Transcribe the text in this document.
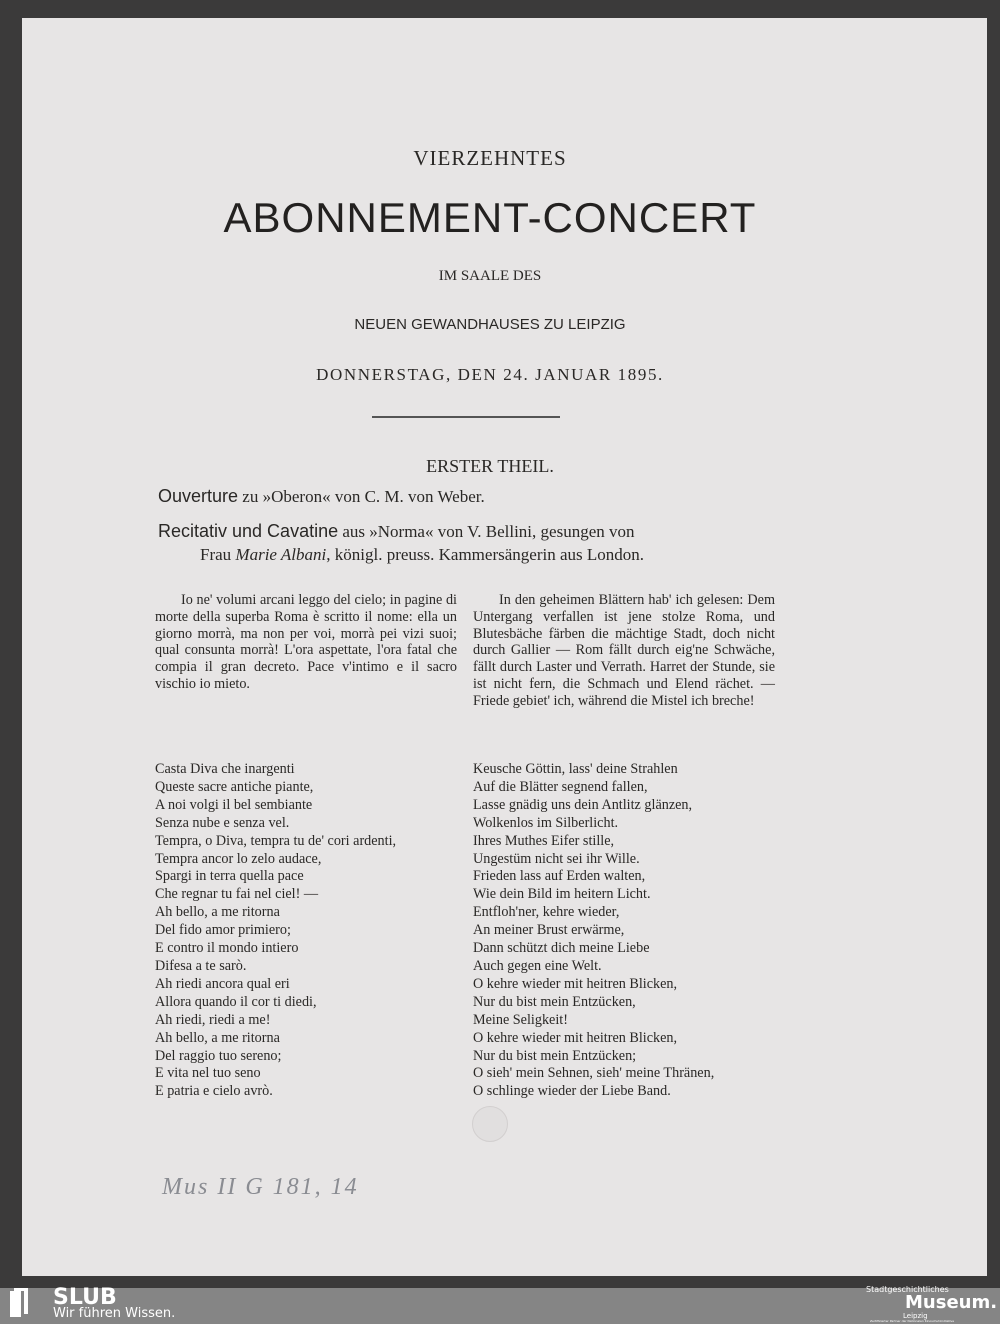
VIERZEHNTES
ABONNEMENT-CONCERT
IM SAALE DES
NEUEN GEWANDHAUSES ZU LEIPZIG
DONNERSTAG, DEN 24. JANUAR 1895.
ERSTER THEIL.
Ouverture zu »Oberon« von C. M. von Weber.
Recitativ und Cavatine aus »Norma« von V. Bellini, gesungen von
Frau Marie Albani, königl. preuss. Kammersängerin aus London.

Io ne' volumi arcani leggo del cielo; in pagine di morte della superba Roma è scritto il nome: ella un giorno morrà, ma non per voi, morrà pei vizi suoi; qual consunta morrà! L'ora aspettate, l'ora fatal che compia il gran decreto. Pace v'intimo e il sacro vischio io mieto.

In den geheimen Blättern hab' ich gelesen: Dem Untergang verfallen ist jene stolze Roma, und Blutesbäche färben die mächtige Stadt, doch nicht durch Gallier — Rom fällt durch eig'ne Schwäche, fällt durch Laster und Verrath. Harret der Stunde, sie ist nicht fern, die Schmach und Elend rächet. — Friede gebiet' ich, während die Mistel ich breche!

Casta Diva che inargenti
Queste sacre antiche piante,
A noi volgi il bel sembiante
Senza nube e senza vel.
Tempra, o Diva, tempra tu de' cori ardenti,
Tempra ancor lo zelo audace,
Spargi in terra quella pace
Che regnar tu fai nel ciel! —
Ah bello, a me ritorna
Del fido amor primiero;
E contro il mondo intiero
Difesa a te sarò.
Ah riedi ancora qual eri
Allora quando il cor ti diedi,
Ah riedi, riedi a me!
Ah bello, a me ritorna
Del raggio tuo sereno;
E vita nel tuo seno
E patria e cielo avrò.
Keusche Göttin, lass' deine Strahlen
Auf die Blätter segnend fallen,
Lasse gnädig uns dein Antlitz glänzen,
Wolkenlos im Silberlicht.
Ihres Muthes Eifer stille,
Ungestüm nicht sei ihr Wille.
Frieden lass auf Erden walten,
Wie dein Bild im heitern Licht.
Entfloh'ner, kehre wieder,
An meiner Brust erwärme,
Dann schützt dich meine Liebe
Auch gegen eine Welt.
O kehre wieder mit heitren Blicken,
Nur du bist mein Entzücken,
Meine Seligkeit!
O kehre wieder mit heitren Blicken,
Nur du bist mein Entzücken;
O sieh' mein Sehnen, sieh' meine Thränen,
O schlinge wieder der Liebe Band.
Mus II G 181, 14
SLUB
Wir führen Wissen.
Stadtgeschichtliches
Museum.
Leipzig
Zertifizierter Partner der Nationalen Kinoschutzinitiative
